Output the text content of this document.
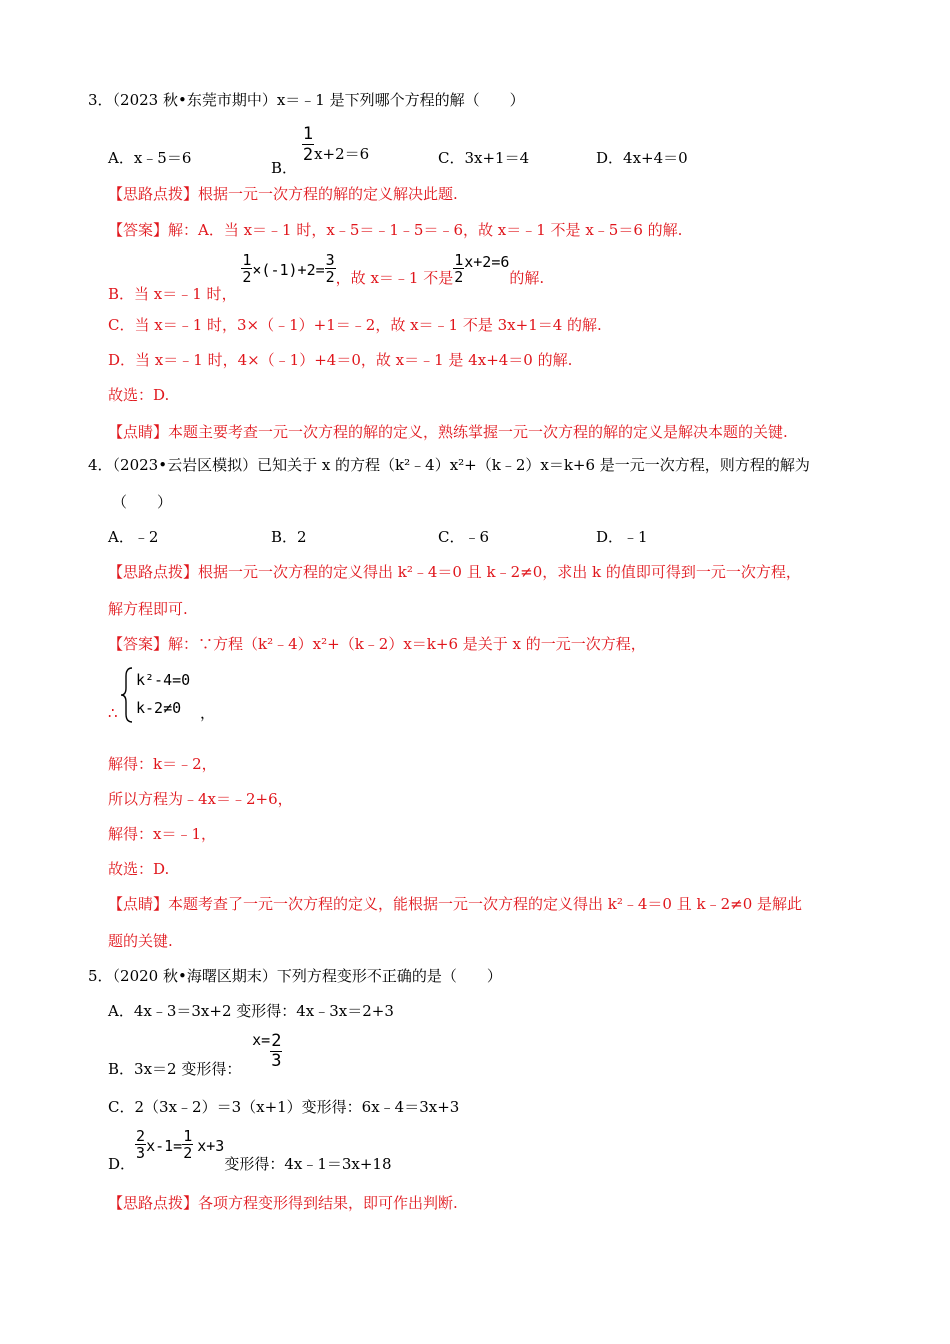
3．（2023 秋•东莞市期中）x＝﹣1 是下列哪个方程的解（　　）
A．x﹣5＝6
B．
$\frac{1}{2} x+2=6$	C．3x+1＝4	D．4x+4＝0
【思路点拨】根据一元一次方程的解的定义解决此题.
【答案】解：A．当 x＝﹣1 时，x﹣5＝﹣1﹣5＝﹣6，故 x＝﹣1 不是 x﹣5＝6 的解.
B．当 x＝﹣1 时，
$\frac{1}{2} \times(-1)+2= \frac{3}{2}$ ，故 x＝﹣1 不是 $\frac{1}{2} x+2=6$的解.
C．当 x＝﹣1 时，3×（﹣1）+1＝﹣2，故 x＝﹣1 不是 3x+1＝4 的解.
D．当 x＝﹣1 时，4×（﹣1）+4＝0，故 x＝﹣1 是 4x+4＝0 的解.
故选：D.
【点睛】本题主要考查一元一次方程的解的定义，熟练掌握一元一次方程的解的定义是解决本题的关键.
4．（2023•云岩区模拟）已知关于 x 的方程（k²﹣4）x²+（k﹣2）x＝k+6 是一元一次方程，则方程的解为
（　　）
A．﹣2	B．2	C．﹣6	D．﹣1
【思路点拨】根据一元一次方程的定义得出 k²﹣4＝0 且 k﹣2≠0，求出 k 的值即可得到一元一次方程，
解方程即可.
【答案】解：∵方程（k²﹣4）x²+（k﹣2）x＝k+6 是关于 x 的一元一次方程，
∴
k²-4=0
k-2≠0 ，
解得：k＝﹣2，
所以方程为﹣4x＝﹣2+6，
解得：x＝﹣1，
故选：D.
【点睛】本题考查了一元一次方程的定义，能根据一元一次方程的定义得出 k²﹣4＝0 且 k﹣2≠0 是解此
题的关键.
5．（2020 秋•海曙区期末）下列方程变形不正确的是（　　）
A．4x﹣3＝3x+2 变形得：4x﹣3x＝2+3
B．3x＝2 变形得： $x= \frac{2}{3}$
C．2（3x﹣2）＝3（x+1）变形得：6x﹣4＝3x+3
D．
$\frac{2}{3} x-1= \frac{1}{2} x+3$变形得：4x﹣1＝3x+18
【思路点拨】各项方程变形得到结果，即可作出判断.
